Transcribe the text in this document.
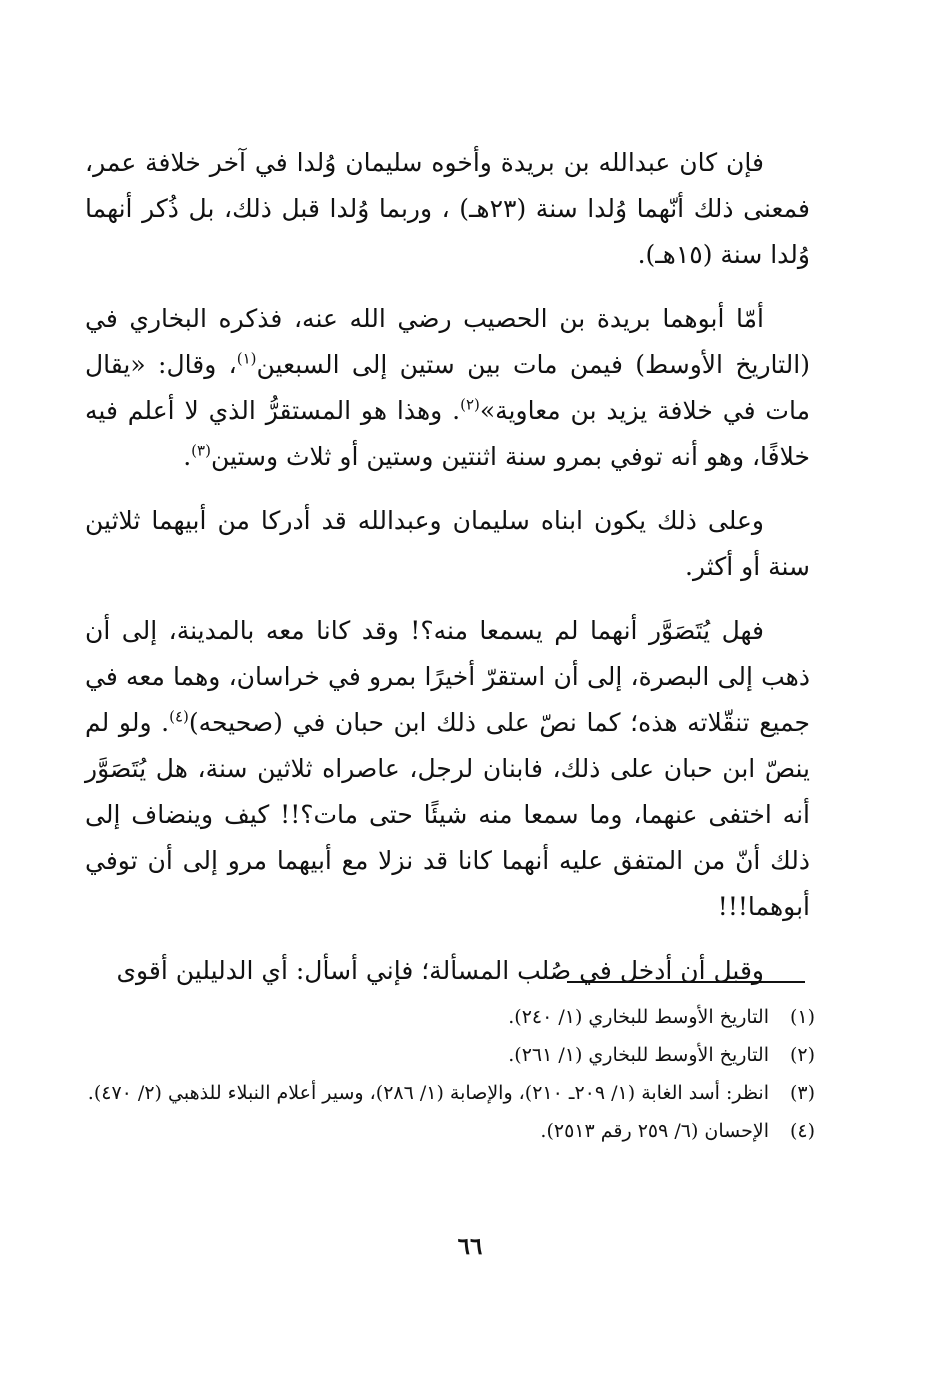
فإن كان عبدالله بن بريدة وأخوه سليمان وُلدا في آخر خلافة عمر، فمعنى ذلك أنّهما وُلدا سنة (٢٣هـ) ، وربما وُلدا قبل ذلك، بل ذُكر أنهما وُلدا سنة (١٥هـ).

أمّا أبوهما بريدة بن الحصيب رضي الله عنه، فذكره البخاري في (التاريخ الأوسط) فيمن مات بين ستين إلى السبعين$^{(١)}$، وقال: «يقال مات في خلافة يزيد بن معاوية»$^{(٢)}$. وهذا هو المستقرُّ الذي لا أعلم فيه خلافًا، وهو أنه توفي بمرو سنة اثنتين وستين أو ثلاث وستين$^{(٣)}$.

وعلى ذلك يكون ابناه سليمان وعبدالله قد أدركا من أبيهما ثلاثين سنة أو أكثر.

فهل يُتَصَوَّر أنهما لم يسمعا منه؟! وقد كانا معه بالمدينة، إلى أن ذهب إلى البصرة، إلى أن استقرّ أخيرًا بمرو في خراسان، وهما معه في جميع تنقّلاته هذه؛ كما نصّ على ذلك ابن حبان في (صحيحه)$^{(٤)}$. ولو لم ينصّ ابن حبان على ذلك، فابنان لرجل، عاصراه ثلاثين سنة، هل يُتَصَوَّر أنه اختفى عنهما، وما سمعا منه شيئًا حتى مات؟!! كيف وينضاف إلى ذلك أنّ من المتفق عليه أنهما كانا قد نزلا مع أبيهما مرو إلى أن توفي أبوهما!!!

وقبل أن أدخل في صُلب المسألة؛ فإني أسأل: أي الدليلين أقوى

(١)
التاريخ الأوسط للبخاري (١/ ٢٤٠).
(٢)
التاريخ الأوسط للبخاري (١/ ٢٦١).
(٣)
انظر: أسد الغابة (١/ ٢٠٩ـ ٢١٠)، والإصابة (١/ ٢٨٦)، وسير أعلام النبلاء للذهبي (٢/ ٤٧٠).
(٤)
الإحسان (٦/ ٢٥٩ رقم ٢٥١٣).
٦٦
